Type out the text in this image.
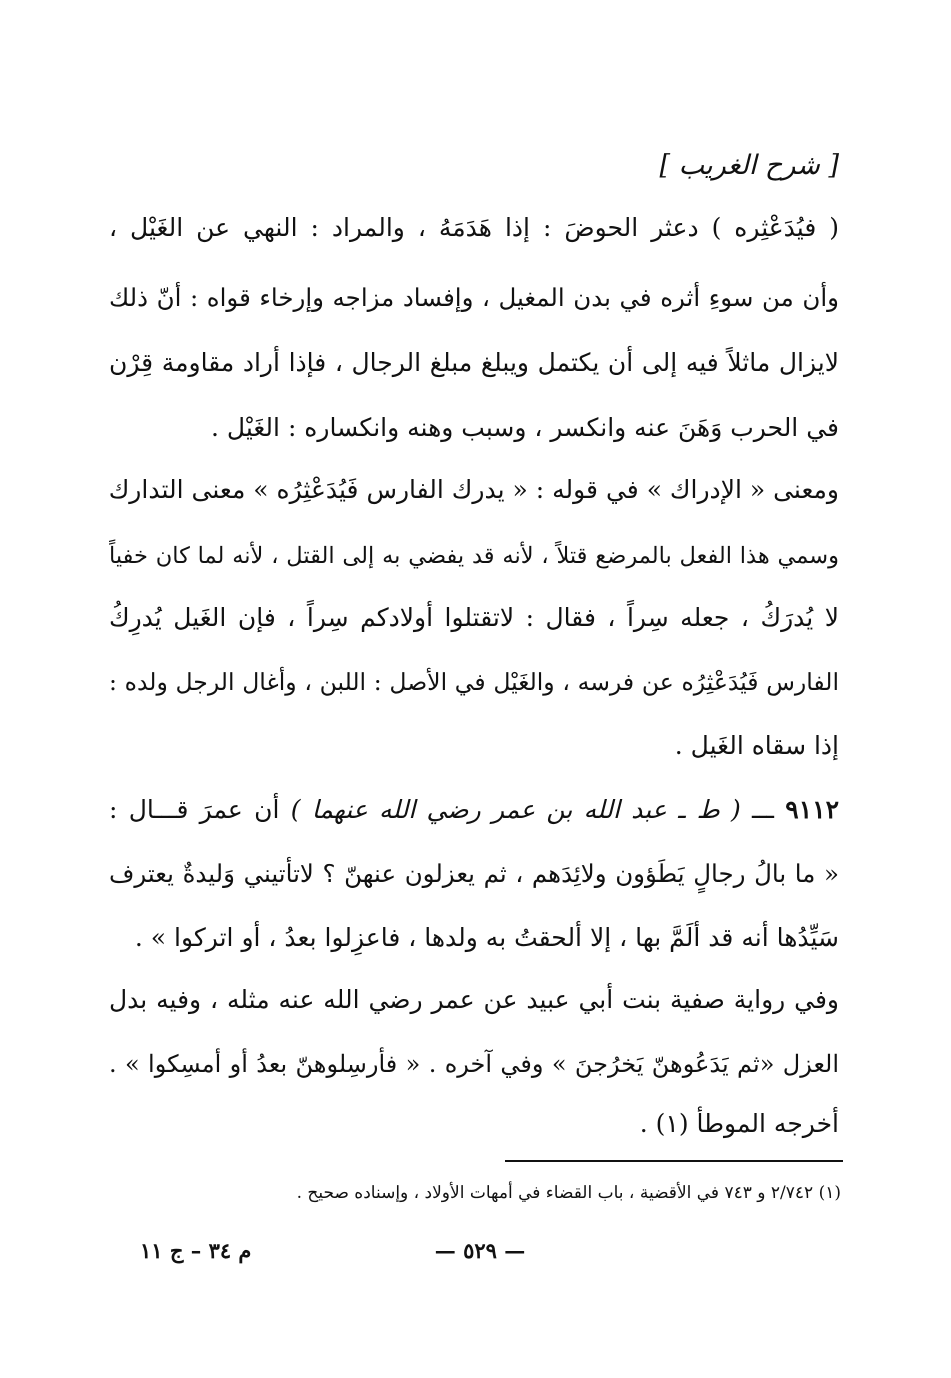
[ شرح الغريب ]
( فيُدَعْثِره ) دعثر الحوضَ : إذا هَدَمَهُ ، والمراد : النهي عن الغَيْل ،
وأن من سوءِ أثره في بدن المغيل ، وإفساد مزاجه وإرخاء قواه : أنّ ذلك
لايزال ماثلاً فيه إلى أن يكتمل ويبلغ مبلغ الرجال ، فإذا أراد مقاومة قِرْن
في الحرب وَهَنَ عنه وانكسر ، وسبب وهنه وانكساره : الغَيْل .
ومعنى « الإدراك » في قوله : « يدرك الفارس فَيُدَعْثِرُه » معنى التدارك
وسمي هذا الفعل بالمرضع قتلاً ، لأنه قد يفضي به إلى القتل ، لأنه لما كان خفياً
لا يُدرَكُ ، جعله سِراً ، فقال : لاتقتلوا أولادكم سِراً ، فإن الغَيل يُدرِكُ
الفارس فَيُدَعْثِرُه عن فرسه ، والغَيْل في الأصل : اللبن ، وأغال الرجل ولده :
إذا سقاه الغَيل .
٩١١٢ ـــ ( ط ـ عبد الله بن عمر رضي الله عنهما ) أن عمرَ قـــال :
« ما بالُ رجالٍ يَطَؤون ولائِدَهم ، ثم يعزلون عنهنّ ؟ لاتأتيني وَليدةٌ يعترف
سَيِّدُها أنه قد ألَمَّ بها ، إلا ألحقتُ به ولدها ، فاعزِلوا بعدُ ، أو اتركوا » .
وفي رواية صفية بنت أبي عبيد عن عمر رضي الله عنه مثله ، وفيه بدل
العزل «ثم يَدَعُوهنّ يَخرُجنَ » وفي آخره . « فأرسِلوهنّ بعدُ أو أمسِكوا » .
أخرجه الموطأ (١) .
(١) ٢/٧٤٢ و ٧٤٣ في الأقضية ، باب القضاء في أمهات الأولاد ، وإسناده صحيح .
— ٥٢٩ —
م ٣٤ – ج ١١
